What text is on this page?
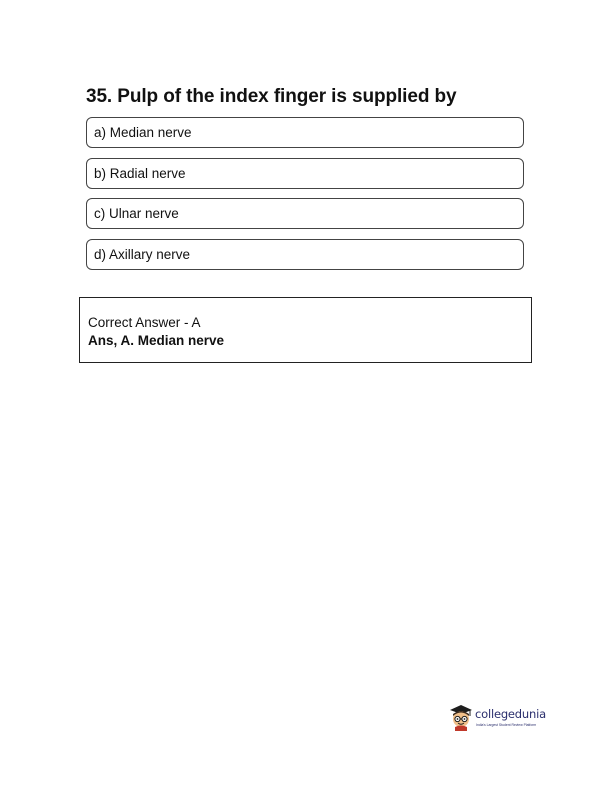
35. Pulp of the index finger is supplied by
a) Median nerve
b) Radial nerve
c) Ulnar nerve
d) Axillary nerve
Correct Answer - A
Ans, A. Median nerve
collegedunia
India's Largest Student Review Platform
